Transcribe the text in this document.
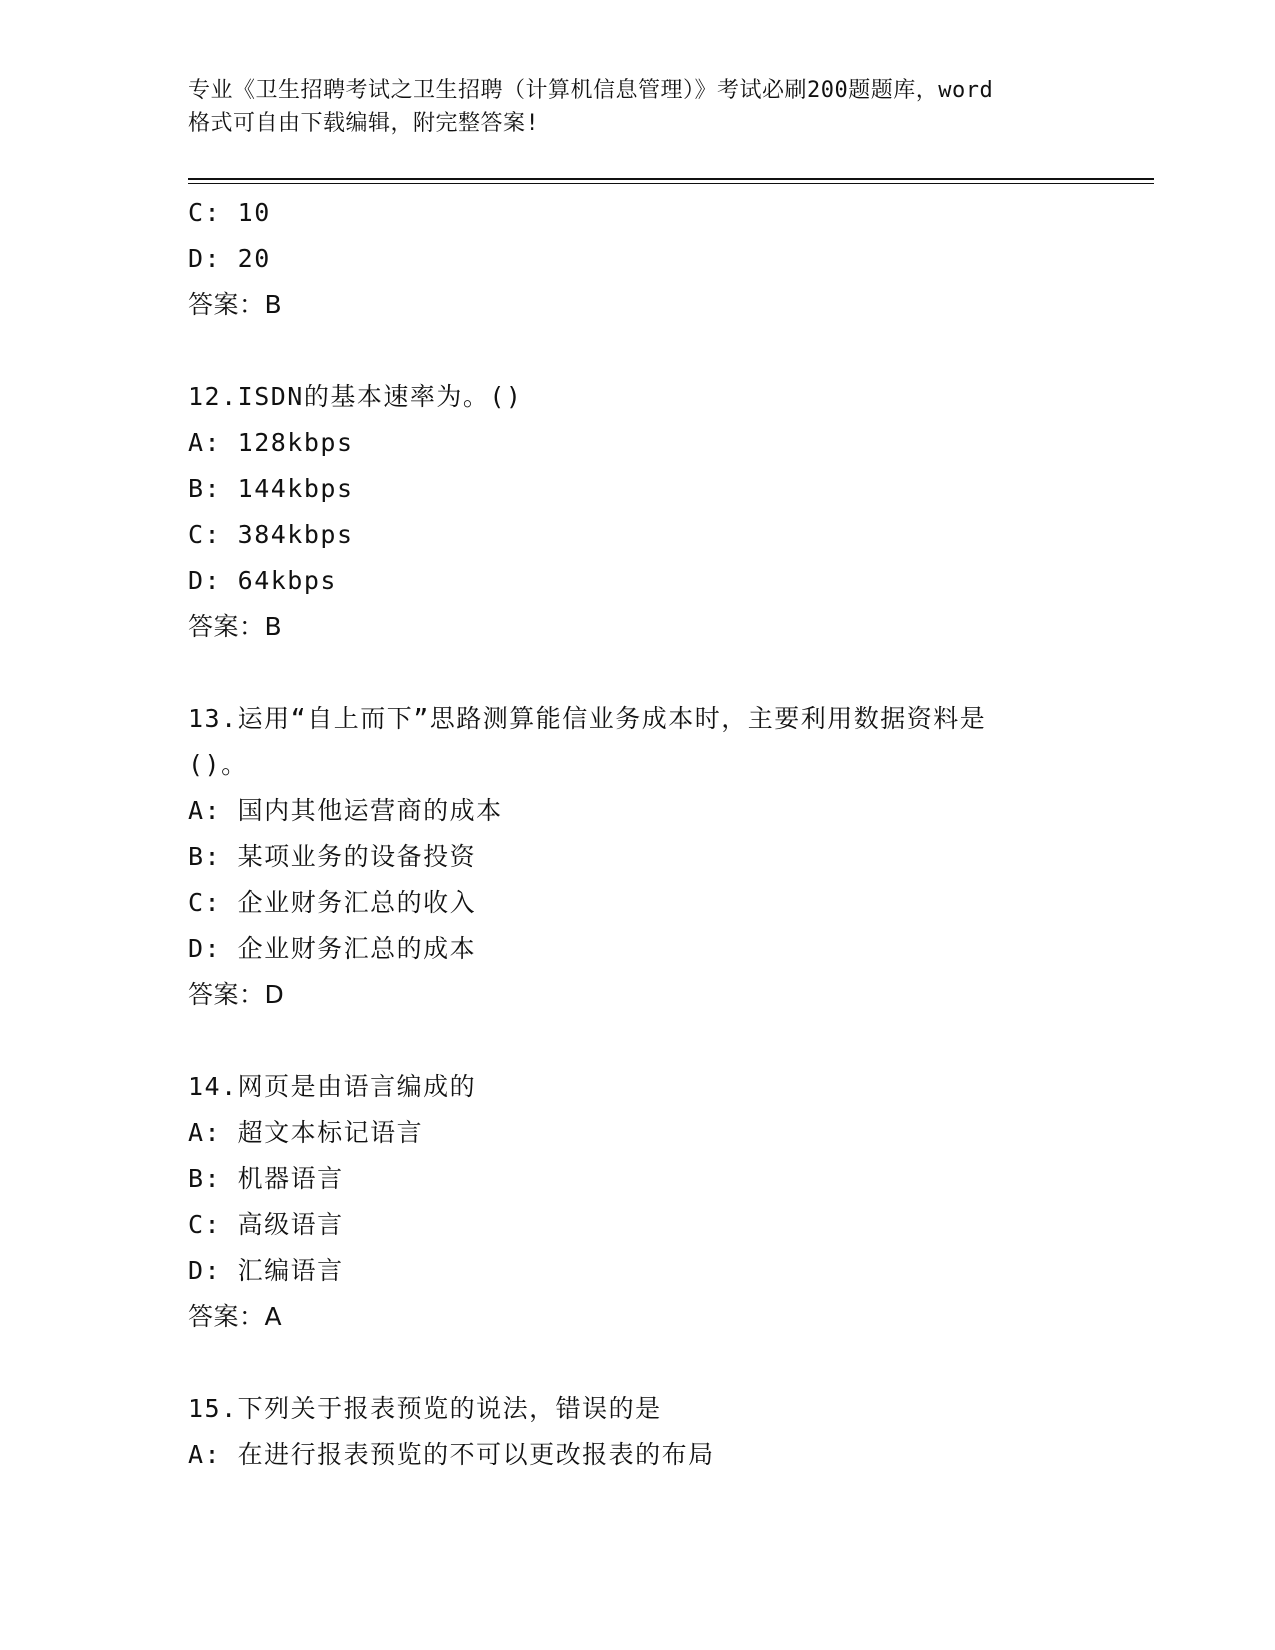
专业《卫生招聘考试之卫生招聘（计算机信息管理）》考试必刷200题题库，word
格式可自由下载编辑，附完整答案!
C: 10
D: 20
答案：B
12.ISDN的基本速率为。()
A: 128kbps
B: 144kbps
C: 384kbps
D: 64kbps
答案：B
13.运用“自上而下”思路测算能信业务成本时，主要利用数据资料是
()。
A: 国内其他运营商的成本
B: 某项业务的设备投资
C: 企业财务汇总的收入
D: 企业财务汇总的成本
答案：D
14.网页是由语言编成的
A: 超文本标记语言
B: 机器语言
C: 高级语言
D: 汇编语言
答案：A
15.下列关于报表预览的说法，错误的是
A: 在进行报表预览的不可以更改报表的布局
